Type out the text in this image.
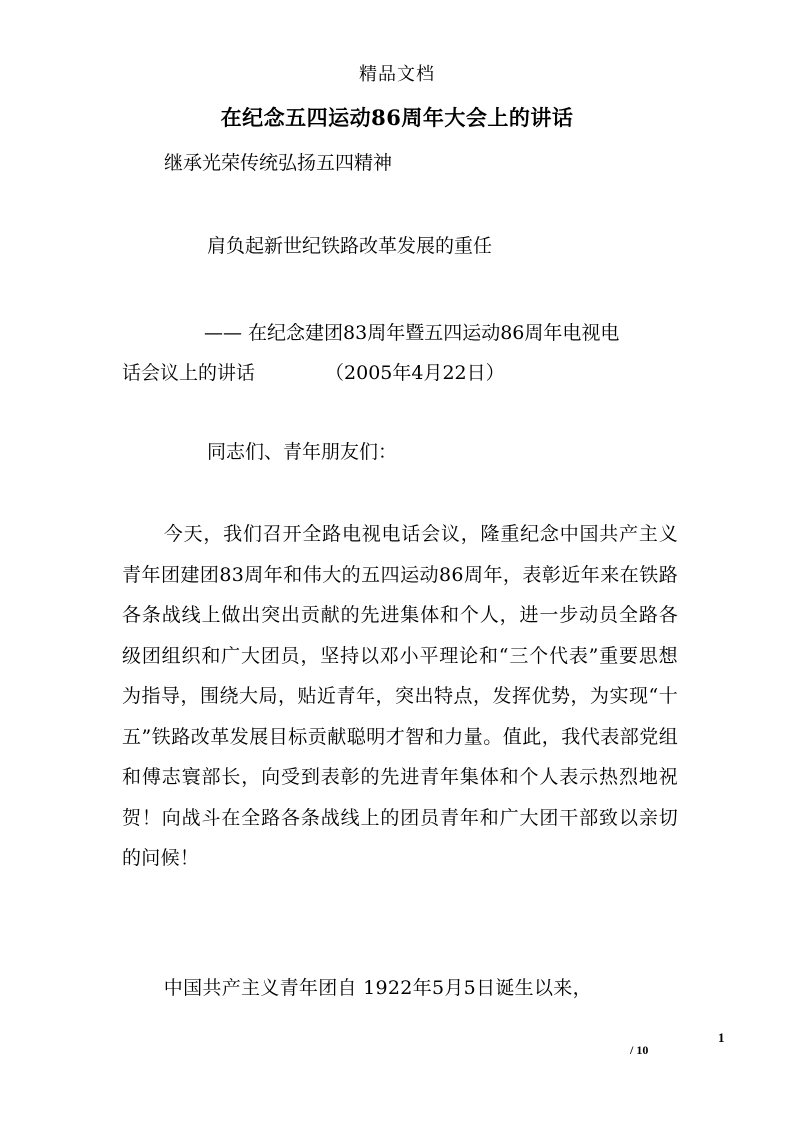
精品文档
在纪念五四运动86周年大会上的讲话
继承光荣传统弘扬五四精神
肩负起新世纪铁路改革发展的重任
—— 在纪念建团83周年暨五四运动86周年电视电
话会议上的讲话	（2005年4月22日）
同志们、青年朋友们：

今天，我们召开全路电视电话会议，隆重纪念中国共产主义青年团建团83周年和伟大的五四运动86周年，表彰近年来在铁路各条战线上做出突出贡献的先进集体和个人，进一步动员全路各级团组织和广大团员，坚持以邓小平理论和“三个代表”重要思想为指导，围绕大局，贴近青年，突出特点，发挥优势，为实现“十五”铁路改革发展目标贡献聪明才智和力量。值此，我代表部党组和傅志寰部长，向受到表彰的先进青年集体和个人表示热烈地祝贺！向战斗在全路各条战线上的团员青年和广大团干部致以亲切的问候！

中国共产主义青年团自 1922年5月5日诞生以来，

1
/ 10
